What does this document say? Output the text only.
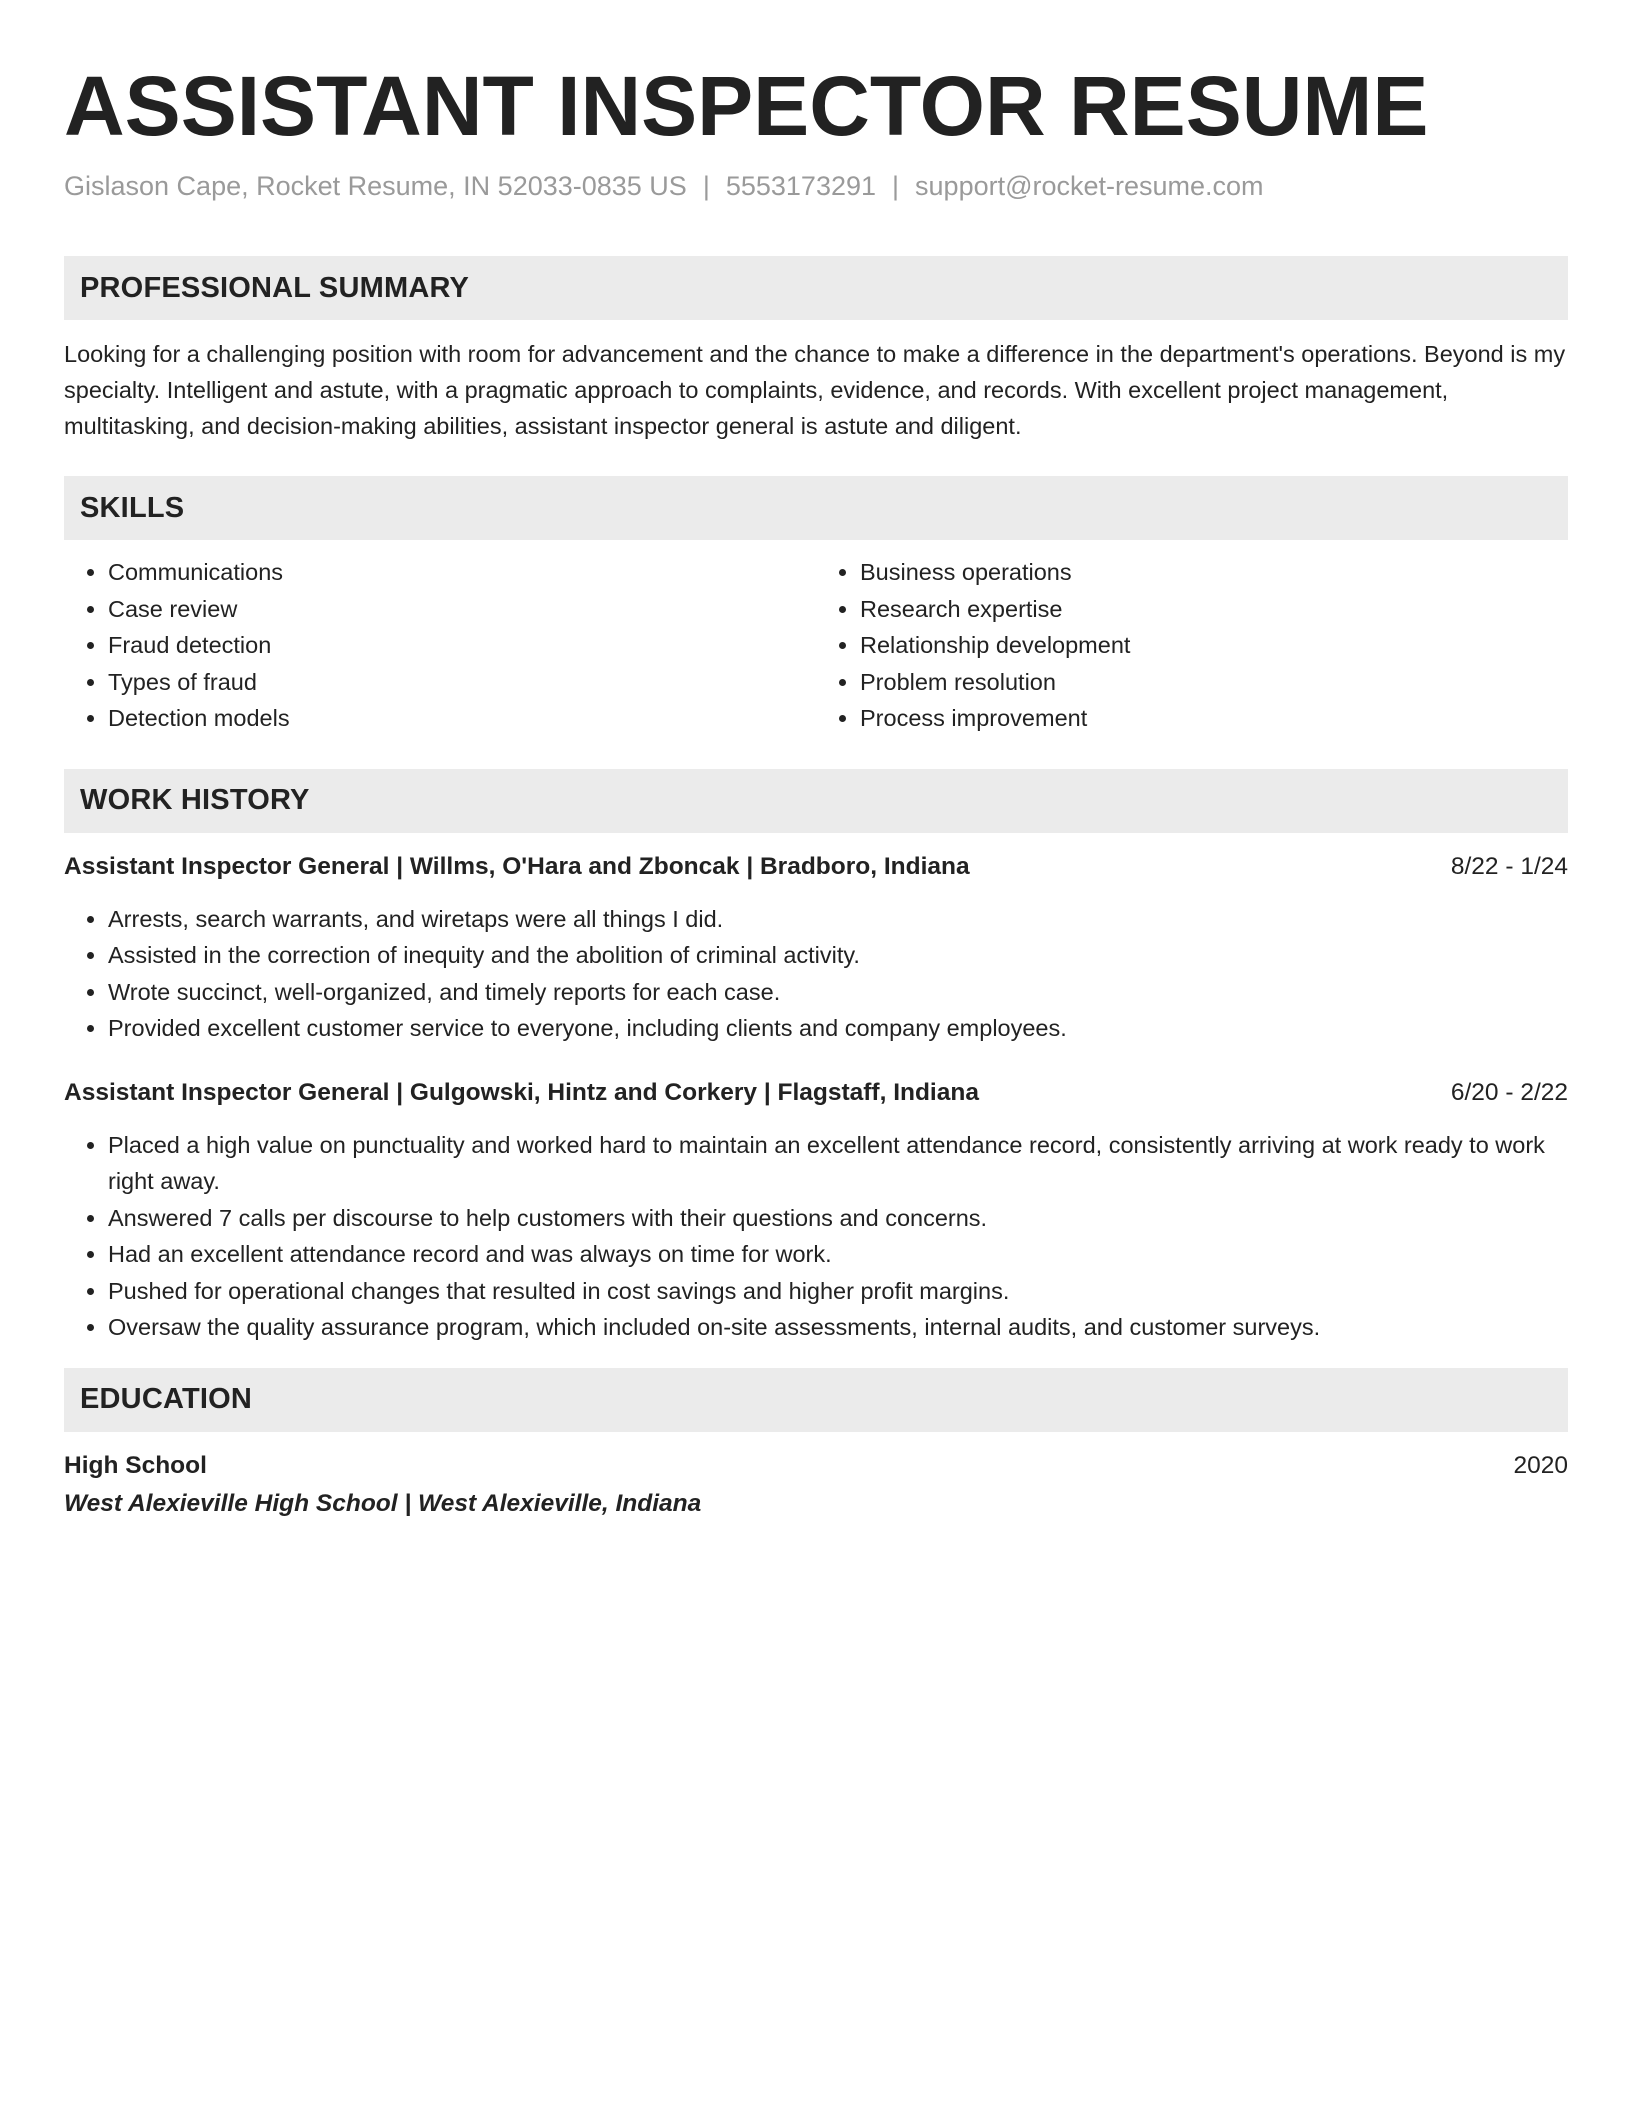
ASSISTANT INSPECTOR RESUME
Gislason Cape, Rocket Resume, IN 52033-0835 US | 5553173291 | support@rocket-resume.com
PROFESSIONAL SUMMARY

Looking for a challenging position with room for advancement and the chance to make a difference in the department's operations. Beyond is my specialty. Intelligent and astute, with a pragmatic approach to complaints, evidence, and records. With excellent project management, multitasking, and decision-making abilities, assistant inspector general is astute and diligent.

SKILLS
• Communications
• Case review
• Fraud detection
• Types of fraud
• Detection models
• Business operations
• Research expertise
• Relationship development
• Problem resolution
• Process improvement
WORK HISTORY
Assistant Inspector General | Willms, O'Hara and Zboncak | Bradboro, Indiana	8/22 - 1/24
• Arrests, search warrants, and wiretaps were all things I did.
• Assisted in the correction of inequity and the abolition of criminal activity.
• Wrote succinct, well-organized, and timely reports for each case.
• Provided excellent customer service to everyone, including clients and company employees.
Assistant Inspector General | Gulgowski, Hintz and Corkery | Flagstaff, Indiana	6/20 - 2/22
• Placed a high value on punctuality and worked hard to maintain an excellent attendance record, consistently arriving at work ready to work right away.
• Answered 7 calls per discourse to help customers with their questions and concerns.
• Had an excellent attendance record and was always on time for work.
• Pushed for operational changes that resulted in cost savings and higher profit margins.
• Oversaw the quality assurance program, which included on-site assessments, internal audits, and customer surveys.
EDUCATION
High School	2020
West Alexieville High School | West Alexieville, Indiana
